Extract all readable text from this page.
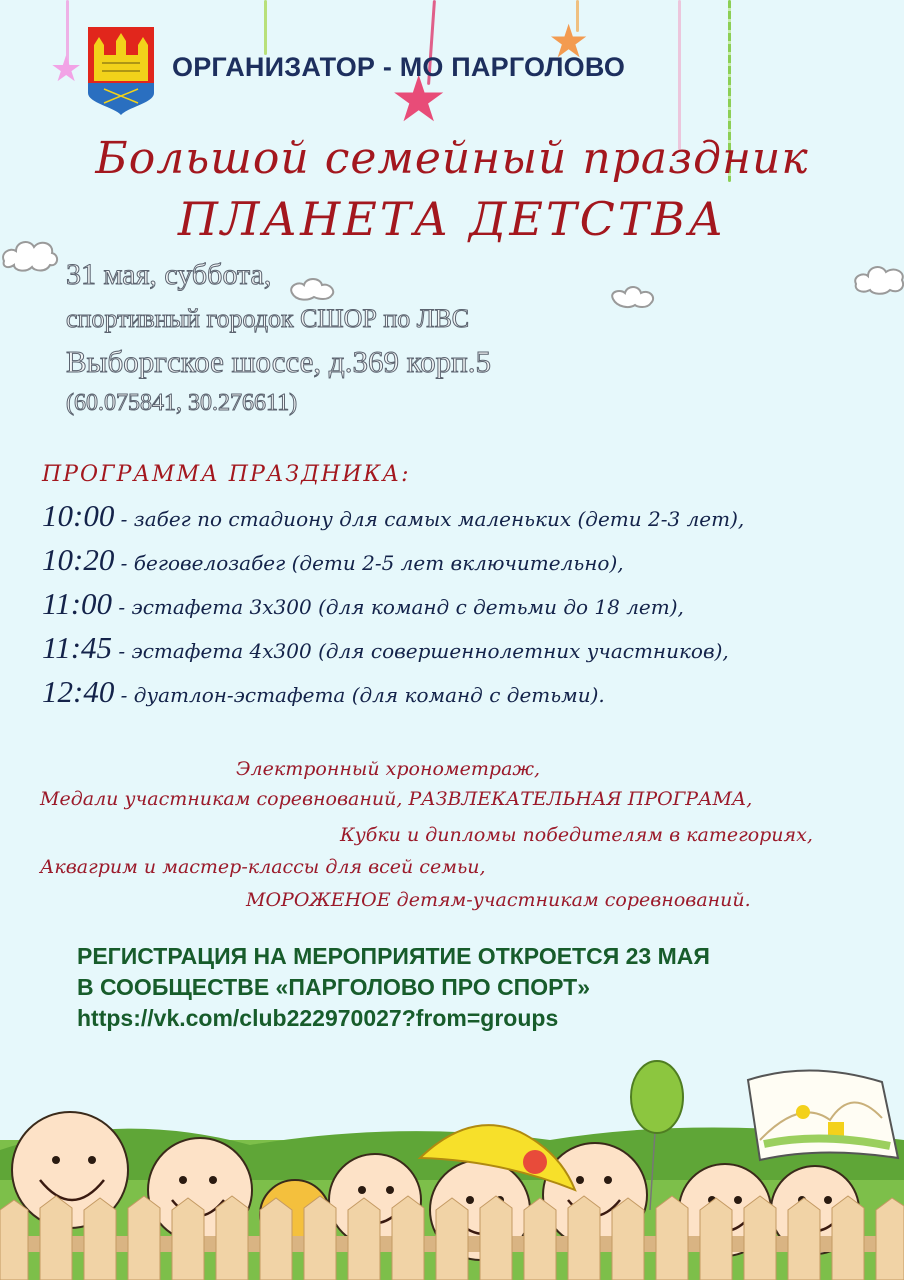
★	★
★
ОРГАНИЗАТОР - МО ПАРГОЛОВО
Большой семейный праздник
ПЛАНЕТА ДЕТСТВА
31 мая, суббота,
спортивный городок СШОР по ЛВС
Выборгское шоссе, д.369 корп.5
(60.075841, 30.276611)
ПРОГРАММА ПРАЗДНИКА:
10:00 - забег по стадиону для самых маленьких (дети 2-3 лет),
10:20 - беговелозабег (дети 2-5 лет включительно),
11:00 - эстафета 3х300 (для команд с детьми до 18 лет),
11:45 - эстафета 4х300 (для совершеннолетних участников),
12:40 - дуатлон-эстафета (для команд с детьми).
Электронный хронометраж,
Медали участникам соревнований, РАЗВЛЕКАТЕЛЬНАЯ ПРОГРАМА,
Кубки и дипломы победителям в категориях,
Аквагрим и мастер-классы для всей семьи,
МОРОЖЕНОЕ детям-участникам соревнований.
РЕГИСТРАЦИЯ НА МЕРОПРИЯТИЕ ОТКРОЕТСЯ 23 МАЯ
В СООБЩЕСТВЕ «ПАРГОЛОВО ПРО СПОРТ»
https://vk.com/club222970027?from=groups
